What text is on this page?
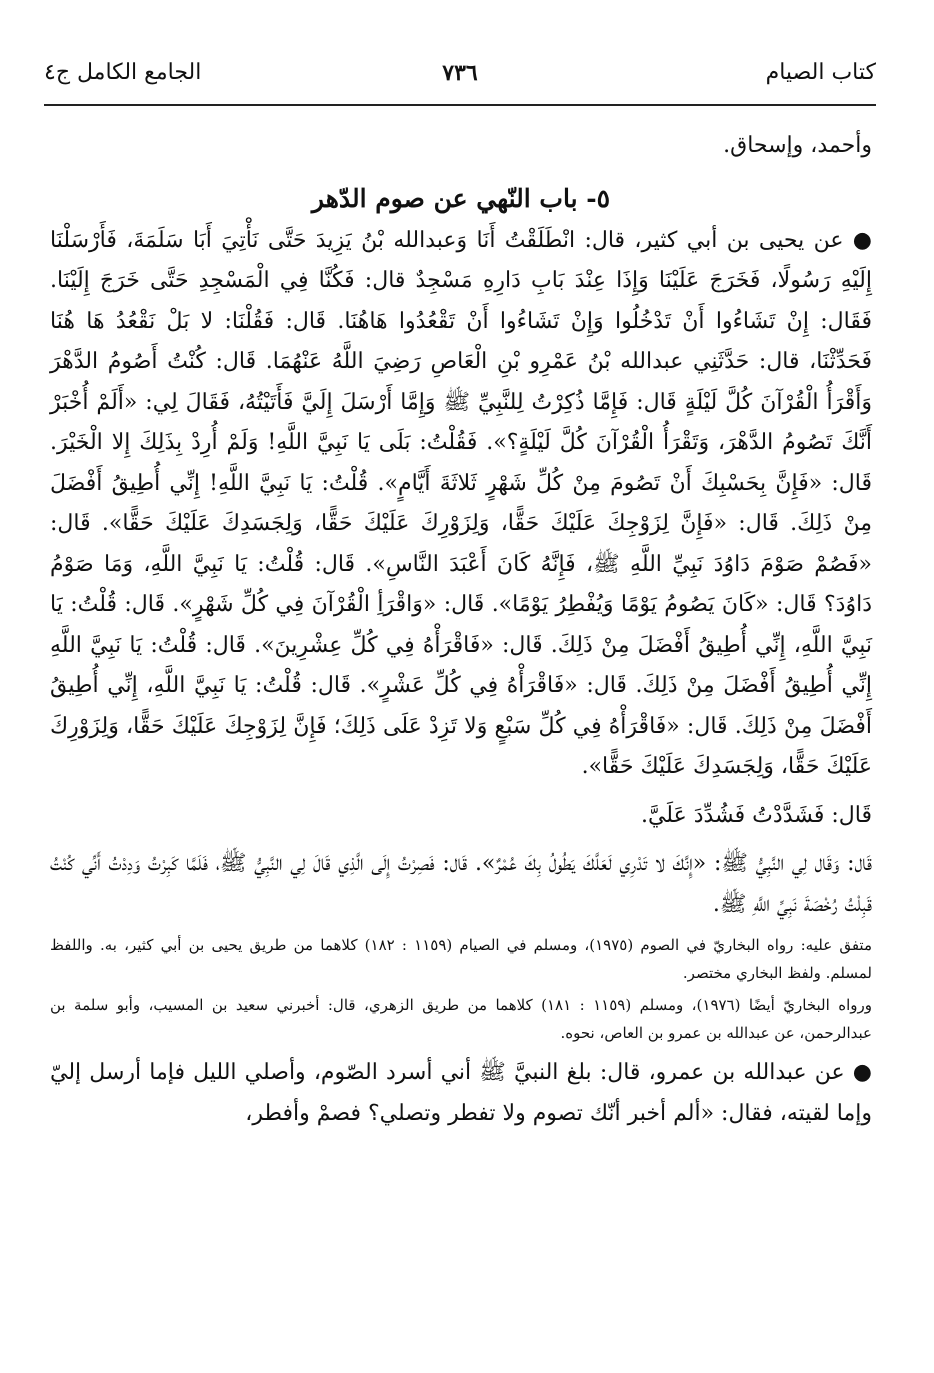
كتاب الصيام
٧٣٦
الجامع الكامل ج٤

وأحمد، وإسحاق.

٥- باب النّهي عن صوم الدّهر

● عن يحيى بن أبي كثير، قال: انْطَلَقْتُ أَنَا وَعبدالله بْنُ يَزِيدَ حَتَّى نَأْتِيَ أَبَا سَلَمَةَ، فَأَرْسَلْنَا إِلَيْهِ رَسُولًا، فَخَرَجَ عَلَيْنَا وَإِذَا عِنْدَ بَابِ دَارِهِ مَسْجِدٌ قال: فَكُنَّا فِي الْمَسْجِدِ حَتَّى خَرَجَ إِلَيْنَا. فَقَال: إِنْ تَشَاءُوا أَنْ تَدْخُلُوا وَإِنْ تَشَاءُوا أَنْ تَقْعُدُوا هَاهُنَا. قَال: فَقُلْنَا: لا بَلْ نَقْعُدُ هَا هُنَا فَحَدِّثْنَا، قال: حَدَّثَنِي عبدالله بْنُ عَمْرِو بْنِ الْعَاصِ رَضِيَ اللَّهُ عَنْهُمَا. قَال: كُنْتُ أَصُومُ الدَّهْرَ وَأَقْرَأُ الْقُرْآنَ كُلَّ لَيْلَةٍ قَال: فَإِمَّا ذُكِرْتُ لِلنَّبِيِّ ﷺ وَإِمَّا أَرْسَلَ إِلَيَّ فَأَتَيْتُهُ، فَقَالَ لِي: «أَلَمْ أُخْبَرْ أَنَّكَ تَصُومُ الدَّهْرَ، وَتَقْرَأُ الْقُرْآنَ كُلَّ لَيْلَةٍ؟». فَقُلْتُ: بَلَى يَا نَبِيَّ اللَّهِ! وَلَمْ أُرِدْ بِذَلِكَ إِلا الْخَيْرَ. قَال: «فَإِنَّ بِحَسْبِكَ أَنْ تَصُومَ مِنْ كُلِّ شَهْرٍ ثَلاثَةَ أَيَّامٍ». قُلْتُ: يَا نَبِيَّ اللَّهِ! إِنِّي أُطِيقُ أَفْضَلَ مِنْ ذَلِكَ. قَال: «فَإِنَّ لِزَوْجِكَ عَلَيْكَ حَقًّا، وَلِزَوْرِكَ عَلَيْكَ حَقًّا، وَلِجَسَدِكَ عَلَيْكَ حَقًّا». قَال: «فَصُمْ صَوْمَ دَاوُدَ نَبِيِّ اللَّهِ ﷺ، فَإِنَّهُ كَانَ أَعْبَدَ النَّاسِ». قَال: قُلْتُ: يَا نَبِيَّ اللَّهِ، وَمَا صَوْمُ دَاوُدَ؟ قَال: «كَانَ يَصُومُ يَوْمًا وَيُفْطِرُ يَوْمًا». قَال: «وَاقْرَأِ الْقُرْآنَ فِي كُلِّ شَهْرٍ». قَال: قُلْتُ: يَا نَبِيَّ اللَّهِ، إِنِّي أُطِيقُ أَفْضَلَ مِنْ ذَلِكَ. قَال: «فَاقْرَأْهُ فِي كُلِّ عِشْرِينَ». قَال: قُلْتُ: يَا نَبِيَّ اللَّهِ إِنِّي أُطِيقُ أَفْضَلَ مِنْ ذَلِكَ. قَال: «فَاقْرَأْهُ فِي كُلِّ عَشْرٍ». قَال: قُلْتُ: يَا نَبِيَّ اللَّهِ، إِنِّي أُطِيقُ أَفْضَلَ مِنْ ذَلِكَ. قَال: «فَاقْرَأْهُ فِي كُلِّ سَبْعٍ وَلا تَزِدْ عَلَى ذَلِكَ؛ فَإِنَّ لِزَوْجِكَ عَلَيْكَ حَقًّا، وَلِزَوْرِكَ عَلَيْكَ حَقًّا، وَلِجَسَدِكَ عَلَيْكَ حَقًّا».

قَال: فَشَدَّدْتُ فَشُدِّدَ عَلَيَّ.

قَال: وَقَال لِي النَّبِيُّ ﷺ: «إِنَّكَ لا تَدْرِي لَعَلَّكَ يَطُولُ بِكَ عُمْرٌ». قَال: فَصِرْتُ إِلَى الَّذِي قَالَ لِي النَّبِيُّ ﷺ، فَلَمَّا كَبِرْتُ وَدِدْتُ أَنِّي كُنْتُ قَبِلْتُ رُخْصَةَ نَبِيِّ اللَّهِ ﷺ.

متفق عليه: رواه البخاريّ في الصوم (١٩٧٥)، ومسلم في الصيام (١١٥٩ : ١٨٢) كلاهما من طريق يحيى بن أبي كثير، به. واللفظ لمسلم. ولفظ البخاري مختصر.

ورواه البخاريّ أيضًا (١٩٧٦)، ومسلم (١١٥٩ : ١٨١) كلاهما من طريق الزهري، قال: أخبرني سعيد بن المسيب، وأبو سلمة بن عبدالرحمن، عن عبدالله بن عمرو بن العاص، نحوه.

● عن عبدالله بن عمرو، قال: بلغ النبيَّ ﷺ أني أسرد الصّوم، وأصلي الليل فإما أرسل إليّ وإما لقيته، فقال: «ألم أخبر أنّك تصوم ولا تفطر وتصلي؟ فصمْ وأفطر،
